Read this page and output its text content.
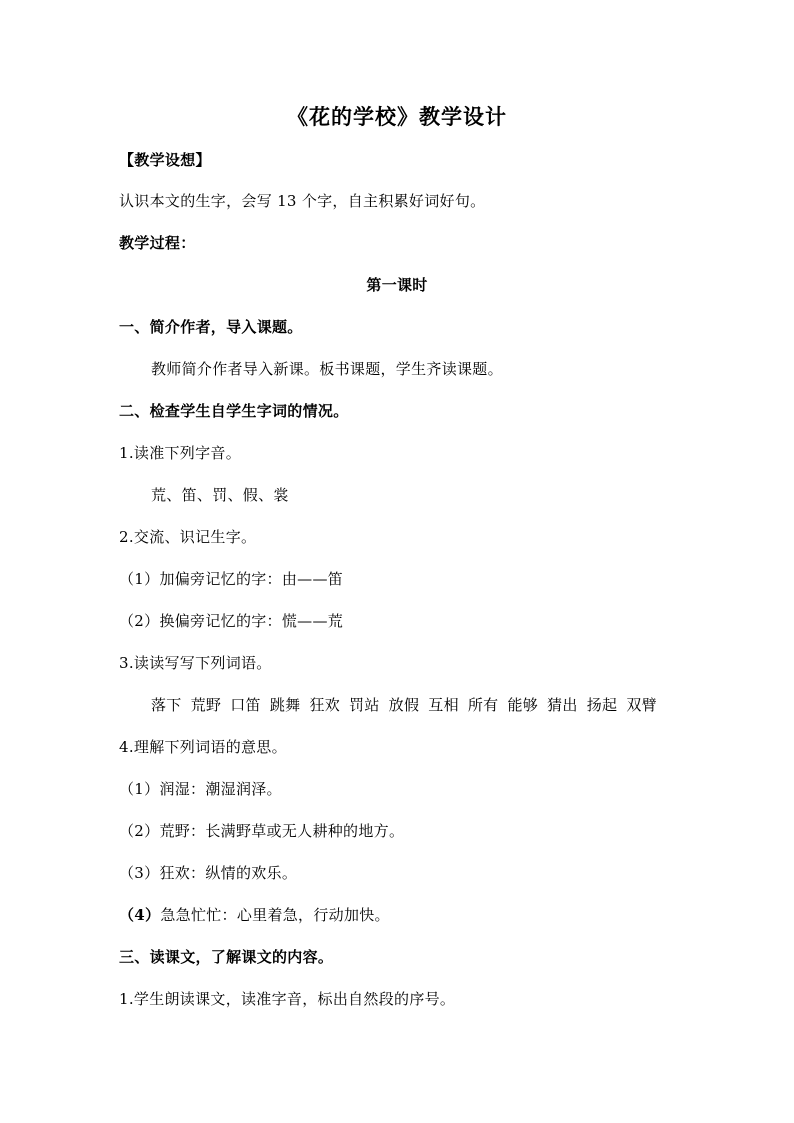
《花的学校》教学设计
【教学设想】
认识本文的生字，会写 13 个字，自主积累好词好句。
教学过程：
第一课时
一、简介作者，导入课题。
教师简介作者导入新课。板书课题，学生齐读课题。
二、检查学生自学生字词的情况。
1.读准下列字音。
荒、笛、罚、假、裳
2.交流、识记生字。
（1）加偏旁记忆的字：由——笛
（2）换偏旁记忆的字：慌——荒
3.读读写写下列词语。
落下 荒野 口笛 跳舞 狂欢 罚站 放假 互相 所有 能够 猜出 扬起 双臂
4.理解下列词语的意思。
（1）润湿：潮湿润泽。
（2）荒野：长满野草或无人耕种的地方。
（3）狂欢：纵情的欢乐。
（4）急急忙忙：心里着急，行动加快。
三、读课文，了解课文的内容。
1.学生朗读课文，读准字音，标出自然段的序号。
